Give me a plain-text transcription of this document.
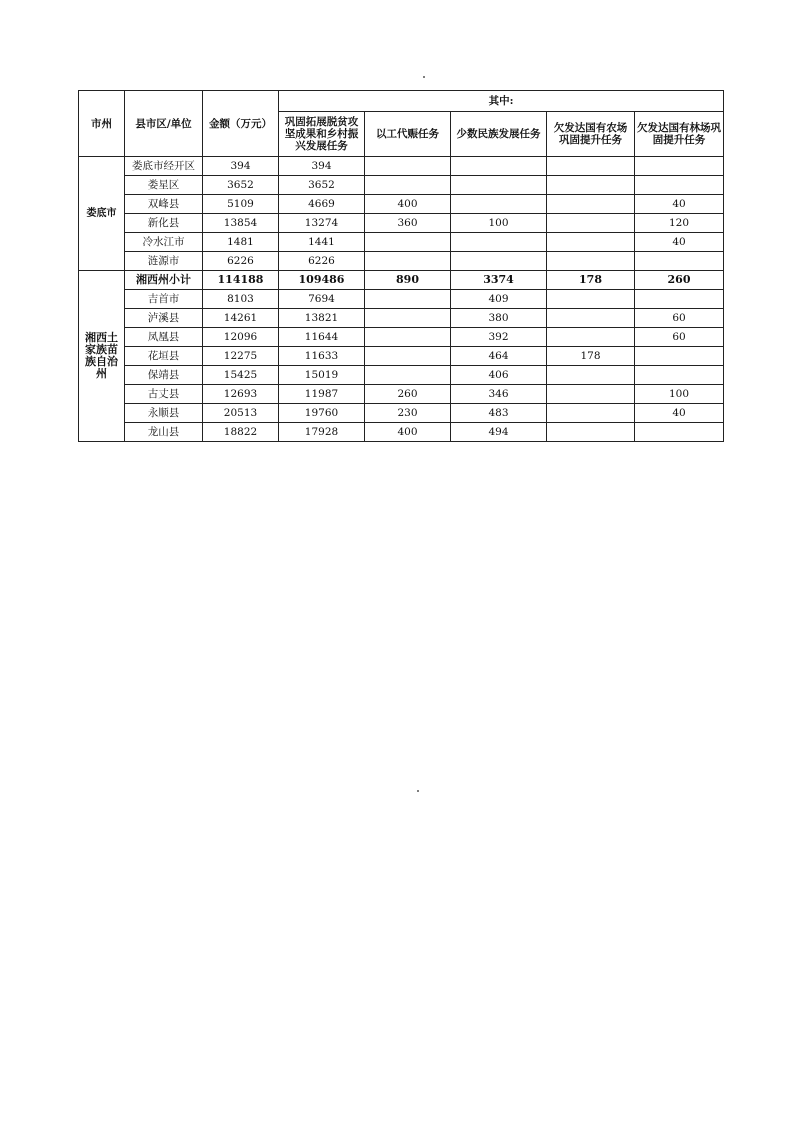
市州	县市区/单位	金额（万元）	其中:				
			巩固拓展脱贫攻坚成果和乡村振兴发展任务	以工代赈任务	少数民族发展任务	欠发达国有农场巩固提升任务	欠发达国有林场巩固提升任务
娄底市	娄底市经开区	394	394				
	娄星区	3652	3652				
	双峰县	5109	4669	400			40
	新化县	13854	13274	360	100		120
	冷水江市	1481	1441				40
	涟源市	6226	6226				
湘西土家族苗族自治州	湘西州小计	114188	109486	890	3374	178	260
	吉首市	8103	7694		409		
	泸溪县	14261	13821		380		60
	凤凰县	12096	11644		392		60
	花垣县	12275	11633		464	178	
	保靖县	15425	15019		406		
	古丈县	12693	11987	260	346		100
	永顺县	20513	19760	230	483		40
	龙山县	18822	17928	400	494		
